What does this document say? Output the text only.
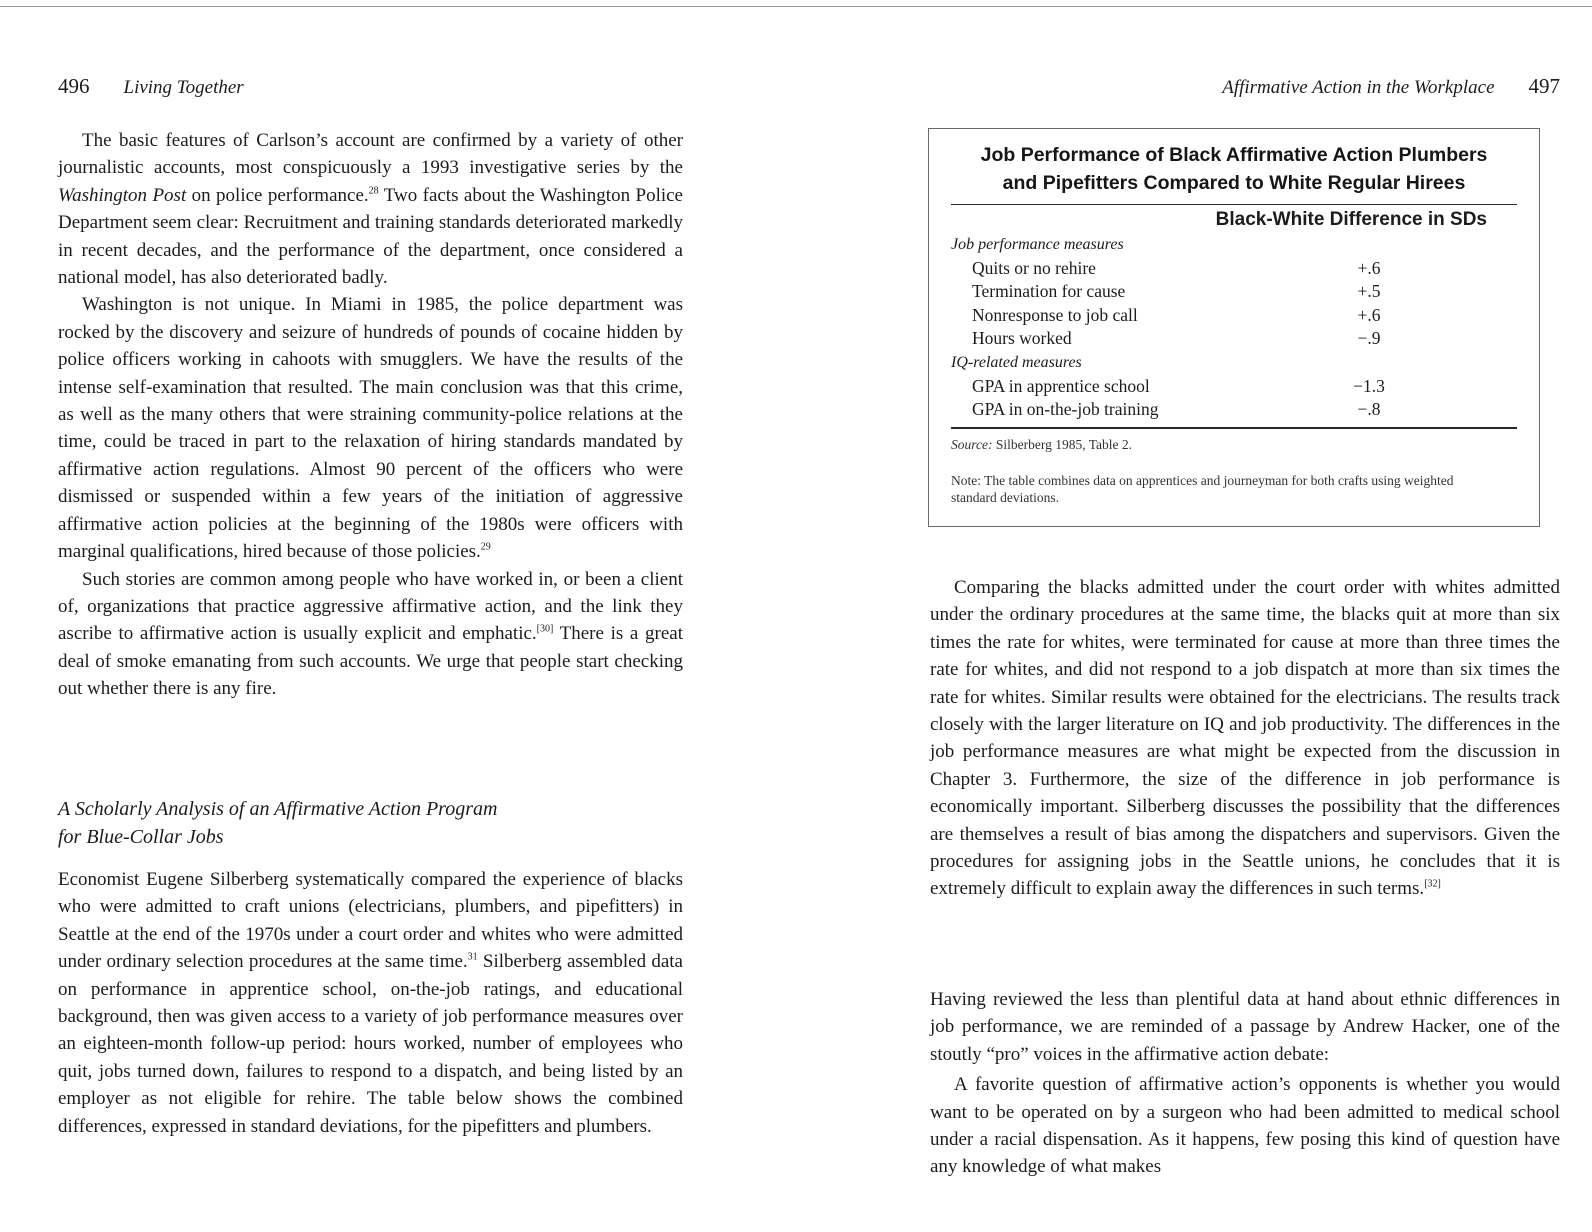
496 Living Together

The basic features of Carlson’s account are confirmed by a variety of other journalistic accounts, most conspicuously a 1993 investigative series by the Washington Post on police performance.$^{28}$ Two facts about the Washington Police Department seem clear: Recruitment and training standards deteriorated markedly in recent decades, and the performance of the department, once considered a national model, has also deteriorated badly.

Washington is not unique. In Miami in 1985, the police department was rocked by the discovery and seizure of hundreds of pounds of cocaine hidden by police officers working in cahoots with smugglers. We have the results of the intense self-examination that resulted. The main conclusion was that this crime, as well as the many others that were straining community-police relations at the time, could be traced in part to the relaxation of hiring standards mandated by affirmative action regulations. Almost 90 percent of the officers who were dismissed or suspended within a few years of the initiation of aggressive affirmative action policies at the beginning of the 1980s were officers with marginal qualifications, hired because of those policies.$^{29}$

Such stories are common among people who have worked in, or been a client of, organizations that practice aggressive affirmative action, and the link they ascribe to affirmative action is usually explicit and emphatic.[30] There is a great deal of smoke emanating from such accounts. We urge that people start checking out whether there is any fire.

A Scholarly Analysis of an Affirmative Action Program
for Blue-Collar Jobs

Economist Eugene Silberberg systematically compared the experience of blacks who were admitted to craft unions (electricians, plumbers, and pipefitters) in Seattle at the end of the 1970s under a court order and whites who were admitted under ordinary selection procedures at the same time.$^{31}$ Silberberg assembled data on performance in apprentice school, on-the-job ratings, and educational background, then was given access to a variety of job performance measures over an eighteen-month follow-up period: hours worked, number of employees who quit, jobs turned down, failures to respond to a dispatch, and being listed by an employer as not eligible for rehire. The table below shows the combined differences, expressed in standard deviations, for the pipefitters and plumbers.

Affirmative Action in the Workplace 497

Comparing the blacks admitted under the court order with whites admitted under the ordinary procedures at the same time, the blacks quit at more than six times the rate for whites, were terminated for cause at more than three times the rate for whites, and did not respond to a job dispatch at more than six times the rate for whites. Similar results were obtained for the electricians. The results track closely with the larger literature on IQ and job productivity. The differences in the job performance measures are what might be expected from the discussion in Chapter 3. Furthermore, the size of the difference in job performance is economically important. Silberberg discusses the possibility that the differences are themselves a result of bias among the dispatchers and supervisors. Given the procedures for assigning jobs in the Seattle unions, he concludes that it is extremely difficult to explain away the differences in such terms.[32]

Having reviewed the less than plentiful data at hand about ethnic differences in job performance, we are reminded of a passage by Andrew Hacker, one of the stoutly “pro” voices in the affirmative action debate:

A favorite question of affirmative action’s opponents is whether you would want to be operated on by a surgeon who had been admitted to medical school under a racial dispensation. As it happens, few posing this kind of question have any knowledge of what makes

Job Performance of Black Affirmative Action Plumbers
and Pipefitters Compared to White Regular Hirees
Black-White Difference in SDs
Job performance measures
Quits or no rehire	+.6
Termination for cause	+.5
Nonresponse to job call	+.6
Hours worked	−.9
IQ-related measures
GPA in apprentice school	−1.3
GPA in on-the-job training	−.8
Source: Silberberg 1985, Table 2.
Note: The table combines data on apprentices and journeyman for both crafts using weighted standard deviations.
